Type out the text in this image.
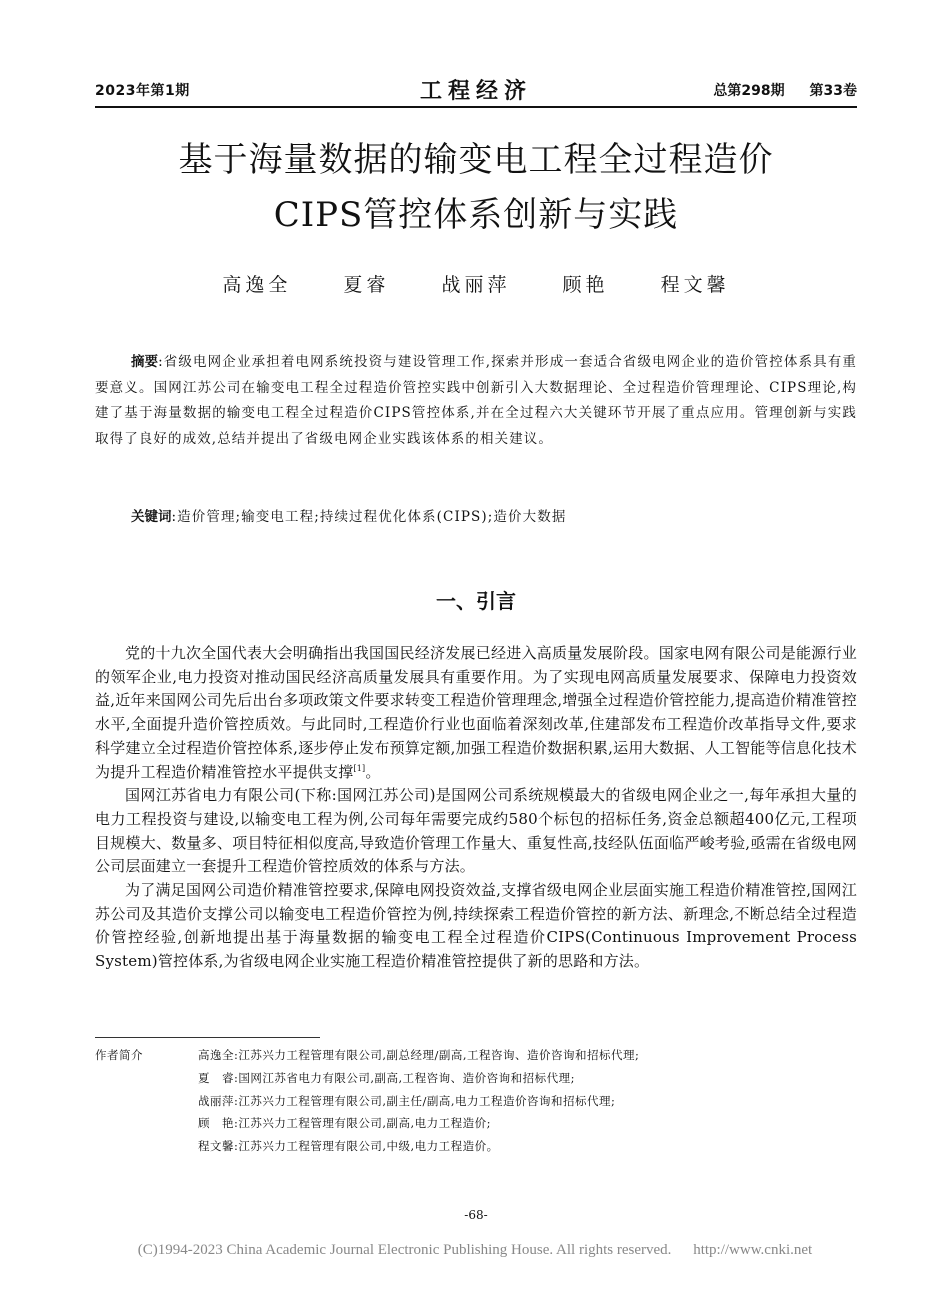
2023年第1期	工程经济	总第298期 第33卷
基于海量数据的输变电工程全过程造价
CIPS管控体系创新与实践
高逸全	夏睿	战丽萍	顾艳	程文馨
摘要:省级电网企业承担着电网系统投资与建设管理工作,探索并形成一套适合省级电网企业的造价管控体系具有重要意义。国网江苏公司在输变电工程全过程造价管控实践中创新引入大数据理论、全过程造价管理理论、CIPS理论,构建了基于海量数据的输变电工程全过程造价CIPS管控体系,并在全过程六大关键环节开展了重点应用。管理创新与实践取得了良好的成效,总结并提出了省级电网企业实践该体系的相关建议。
关键词:造价管理;输变电工程;持续过程优化体系(CIPS);造价大数据
一、引言

党的十九次全国代表大会明确指出我国国民经济发展已经进入高质量发展阶段。国家电网有限公司是能源行业的领军企业,电力投资对推动国民经济高质量发展具有重要作用。为了实现电网高质量发展要求、保障电力投资效益,近年来国网公司先后出台多项政策文件要求转变工程造价管理理念,增强全过程造价管控能力,提高造价精准管控水平,全面提升造价管控质效。与此同时,工程造价行业也面临着深刻改革,住建部发布工程造价改革指导文件,要求科学建立全过程造价管控体系,逐步停止发布预算定额,加强工程造价数据积累,运用大数据、人工智能等信息化技术为提升工程造价精准管控水平提供支撑[1]。

国网江苏省电力有限公司(下称:国网江苏公司)是国网公司系统规模最大的省级电网企业之一,每年承担大量的电力工程投资与建设,以输变电工程为例,公司每年需要完成约580个标包的招标任务,资金总额超400亿元,工程项目规模大、数量多、项目特征相似度高,导致造价管理工作量大、重复性高,技经队伍面临严峻考验,亟需在省级电网公司层面建立一套提升工程造价管控质效的体系与方法。

为了满足国网公司造价精准管控要求,保障电网投资效益,支撑省级电网企业层面实施工程造价精准管控,国网江苏公司及其造价支撑公司以输变电工程造价管控为例,持续探索工程造价管控的新方法、新理念,不断总结全过程造价管控经验,创新地提出基于海量数据的输变电工程全过程造价CIPS(Continuous Improvement Process System)管控体系,为省级电网企业实施工程造价精准管控提供了新的思路和方法。

作者简介	高逸全:江苏兴力工程管理有限公司,副总经理/副高,工程咨询、造价咨询和招标代理;
夏　睿:国网江苏省电力有限公司,副高,工程咨询、造价咨询和招标代理;
战丽萍:江苏兴力工程管理有限公司,副主任/副高,电力工程造价咨询和招标代理;
顾　艳:江苏兴力工程管理有限公司,副高,电力工程造价;
程文馨:江苏兴力工程管理有限公司,中级,电力工程造价。
-68-
(C)1994-2023 China Academic Journal Electronic Publishing House. All rights reserved. http://www.cnki.net
